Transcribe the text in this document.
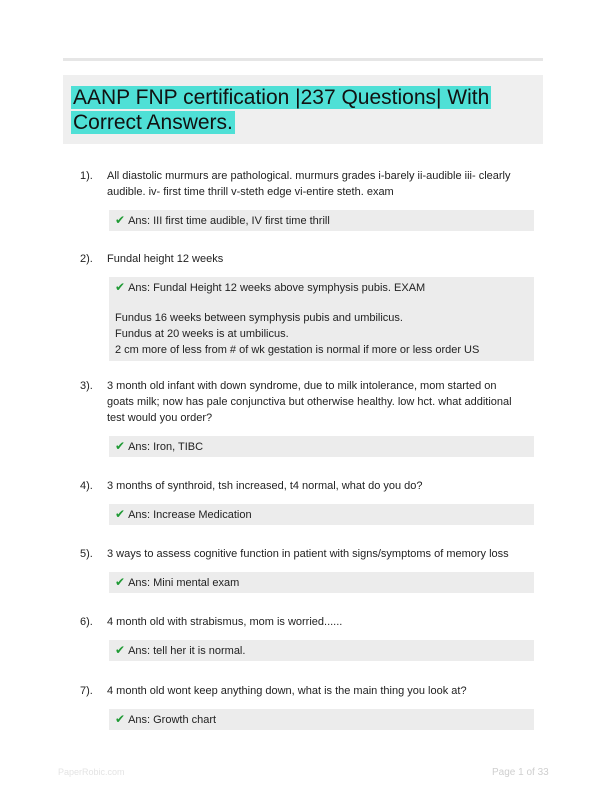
AANP FNP certification |237 Questions| With Correct Answers.
1). All diastolic murmurs are pathological. murmurs grades i-barely ii-audible iii- clearly audible. iv- first time thrill v-steth edge vi-entire steth. exam
✔ Ans: III first time audible, IV first time thrill
2). Fundal height 12 weeks
✔ Ans: Fundal Height 12 weeks above symphysis pubis. EXAM
Fundus 16 weeks between symphysis pubis and umbilicus.
Fundus at 20 weeks is at umbilicus.
2 cm more of less from # of wk gestation is normal if more or less order US
3). 3 month old infant with down syndrome, due to milk intolerance, mom started on goats milk; now has pale conjunctiva but otherwise healthy. low hct. what additional test would you order?
✔ Ans: Iron, TIBC
4). 3 months of synthroid, tsh increased, t4 normal, what do you do?
✔ Ans: Increase Medication
5). 3 ways to assess cognitive function in patient with signs/symptoms of memory loss
✔ Ans: Mini mental exam
6). 4 month old with strabismus, mom is worried......
✔ Ans: tell her it is normal.
7). 4 month old wont keep anything down, what is the main thing you look at?
✔ Ans: Growth chart
PaperRobic.com	Page 1 of 33
